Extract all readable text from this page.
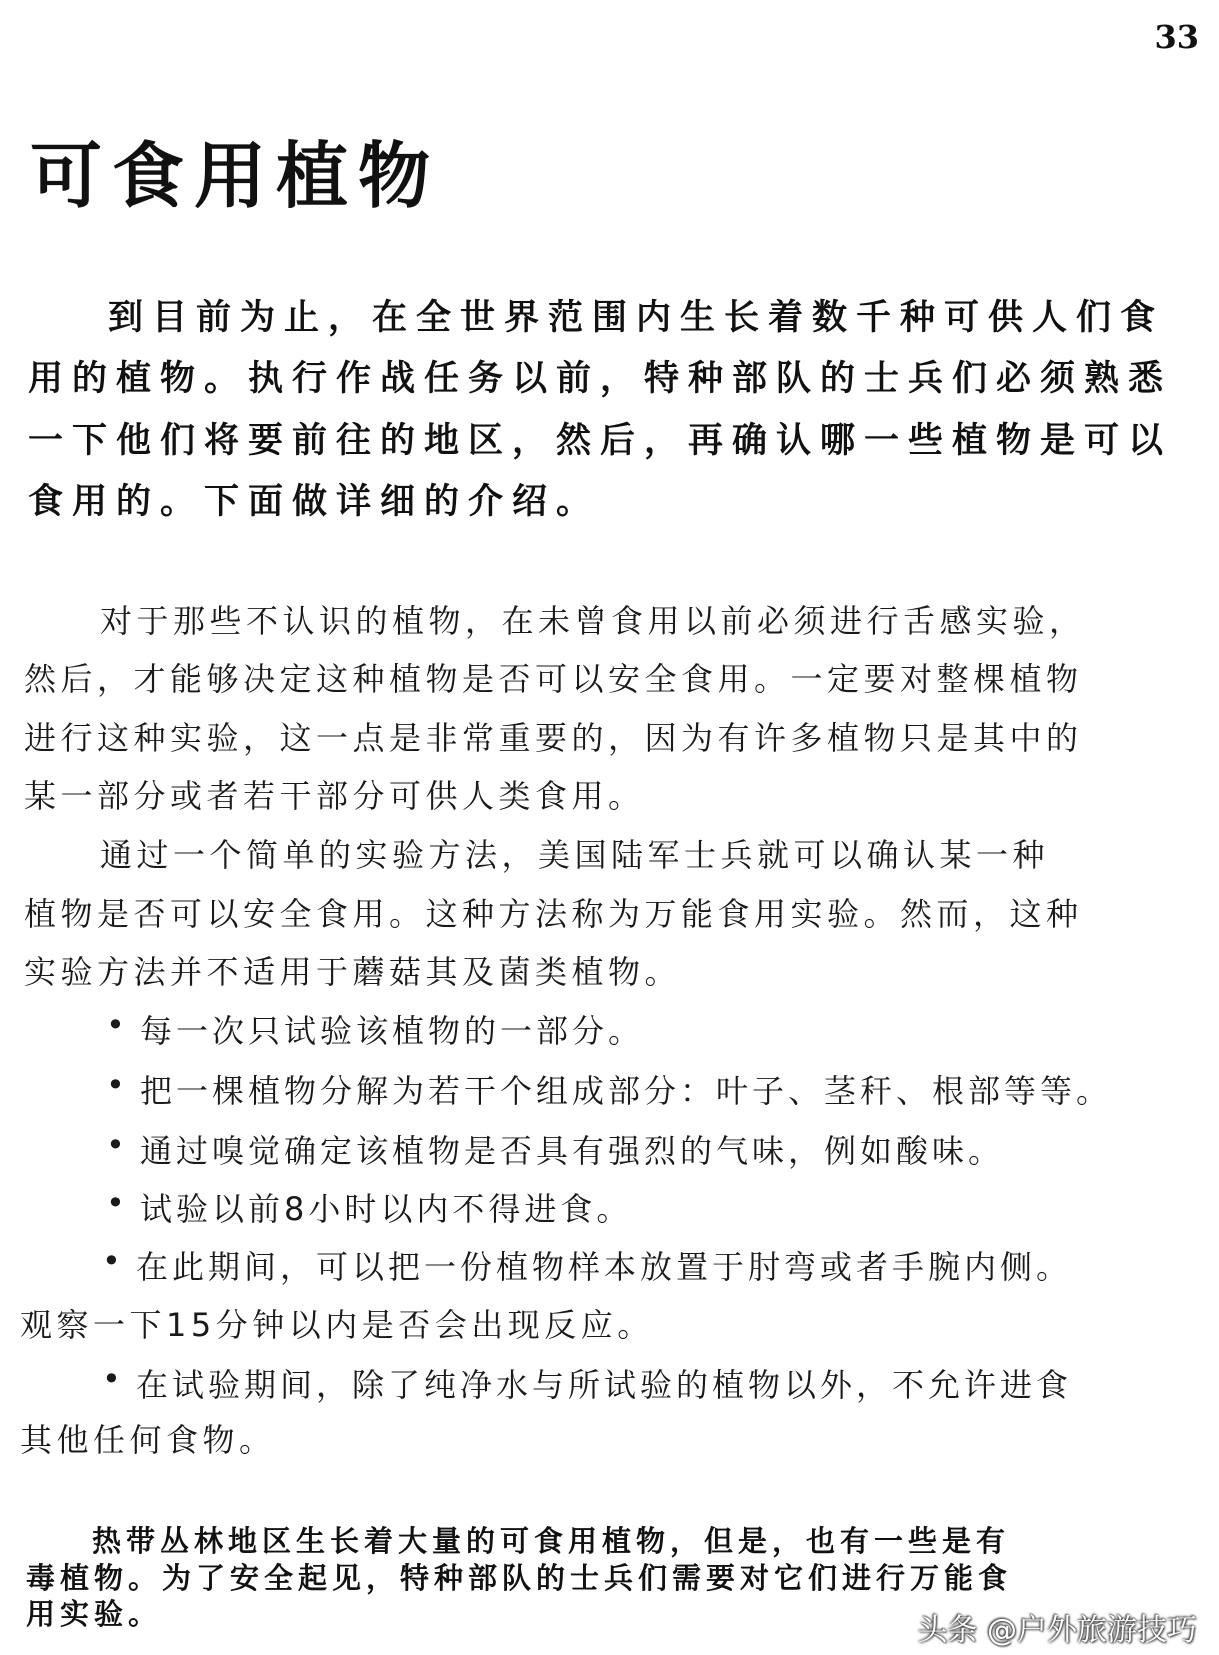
33
可食用植物
到目前为止，在全世界范围内生长着数千种可供人们食
用的植物。执行作战任务以前，特种部队的士兵们必须熟悉
一下他们将要前往的地区，然后，再确认哪一些植物是可以
食用的。下面做详细的介绍。
对于那些不认识的植物，在未曾食用以前必须进行舌感实验，
然后，才能够决定这种植物是否可以安全食用。一定要对整棵植物
进行这种实验，这一点是非常重要的，因为有许多植物只是其中的
某一部分或者若干部分可供人类食用。
通过一个简单的实验方法，美国陆军士兵就可以确认某一种
植物是否可以安全食用。这种方法称为万能食用实验。然而，这种
实验方法并不适用于蘑菇其及菌类植物。
• 每一次只试验该植物的一部分。
• 把一棵植物分解为若干个组成部分：叶子、茎秆、根部等等。
• 通过嗅觉确定该植物是否具有强烈的气味，例如酸味。
• 试验以前8小时以内不得进食。
• 在此期间，可以把一份植物样本放置于肘弯或者手腕内侧。
观察一下15分钟以内是否会出现反应。
• 在试验期间，除了纯净水与所试验的植物以外，不允许进食
其他任何食物。
热带丛林地区生长着大量的可食用植物，但是，也有一些是有
毒植物。为了安全起见，特种部队的士兵们需要对它们进行万能食
用实验。	头条 @户外旅游技巧
